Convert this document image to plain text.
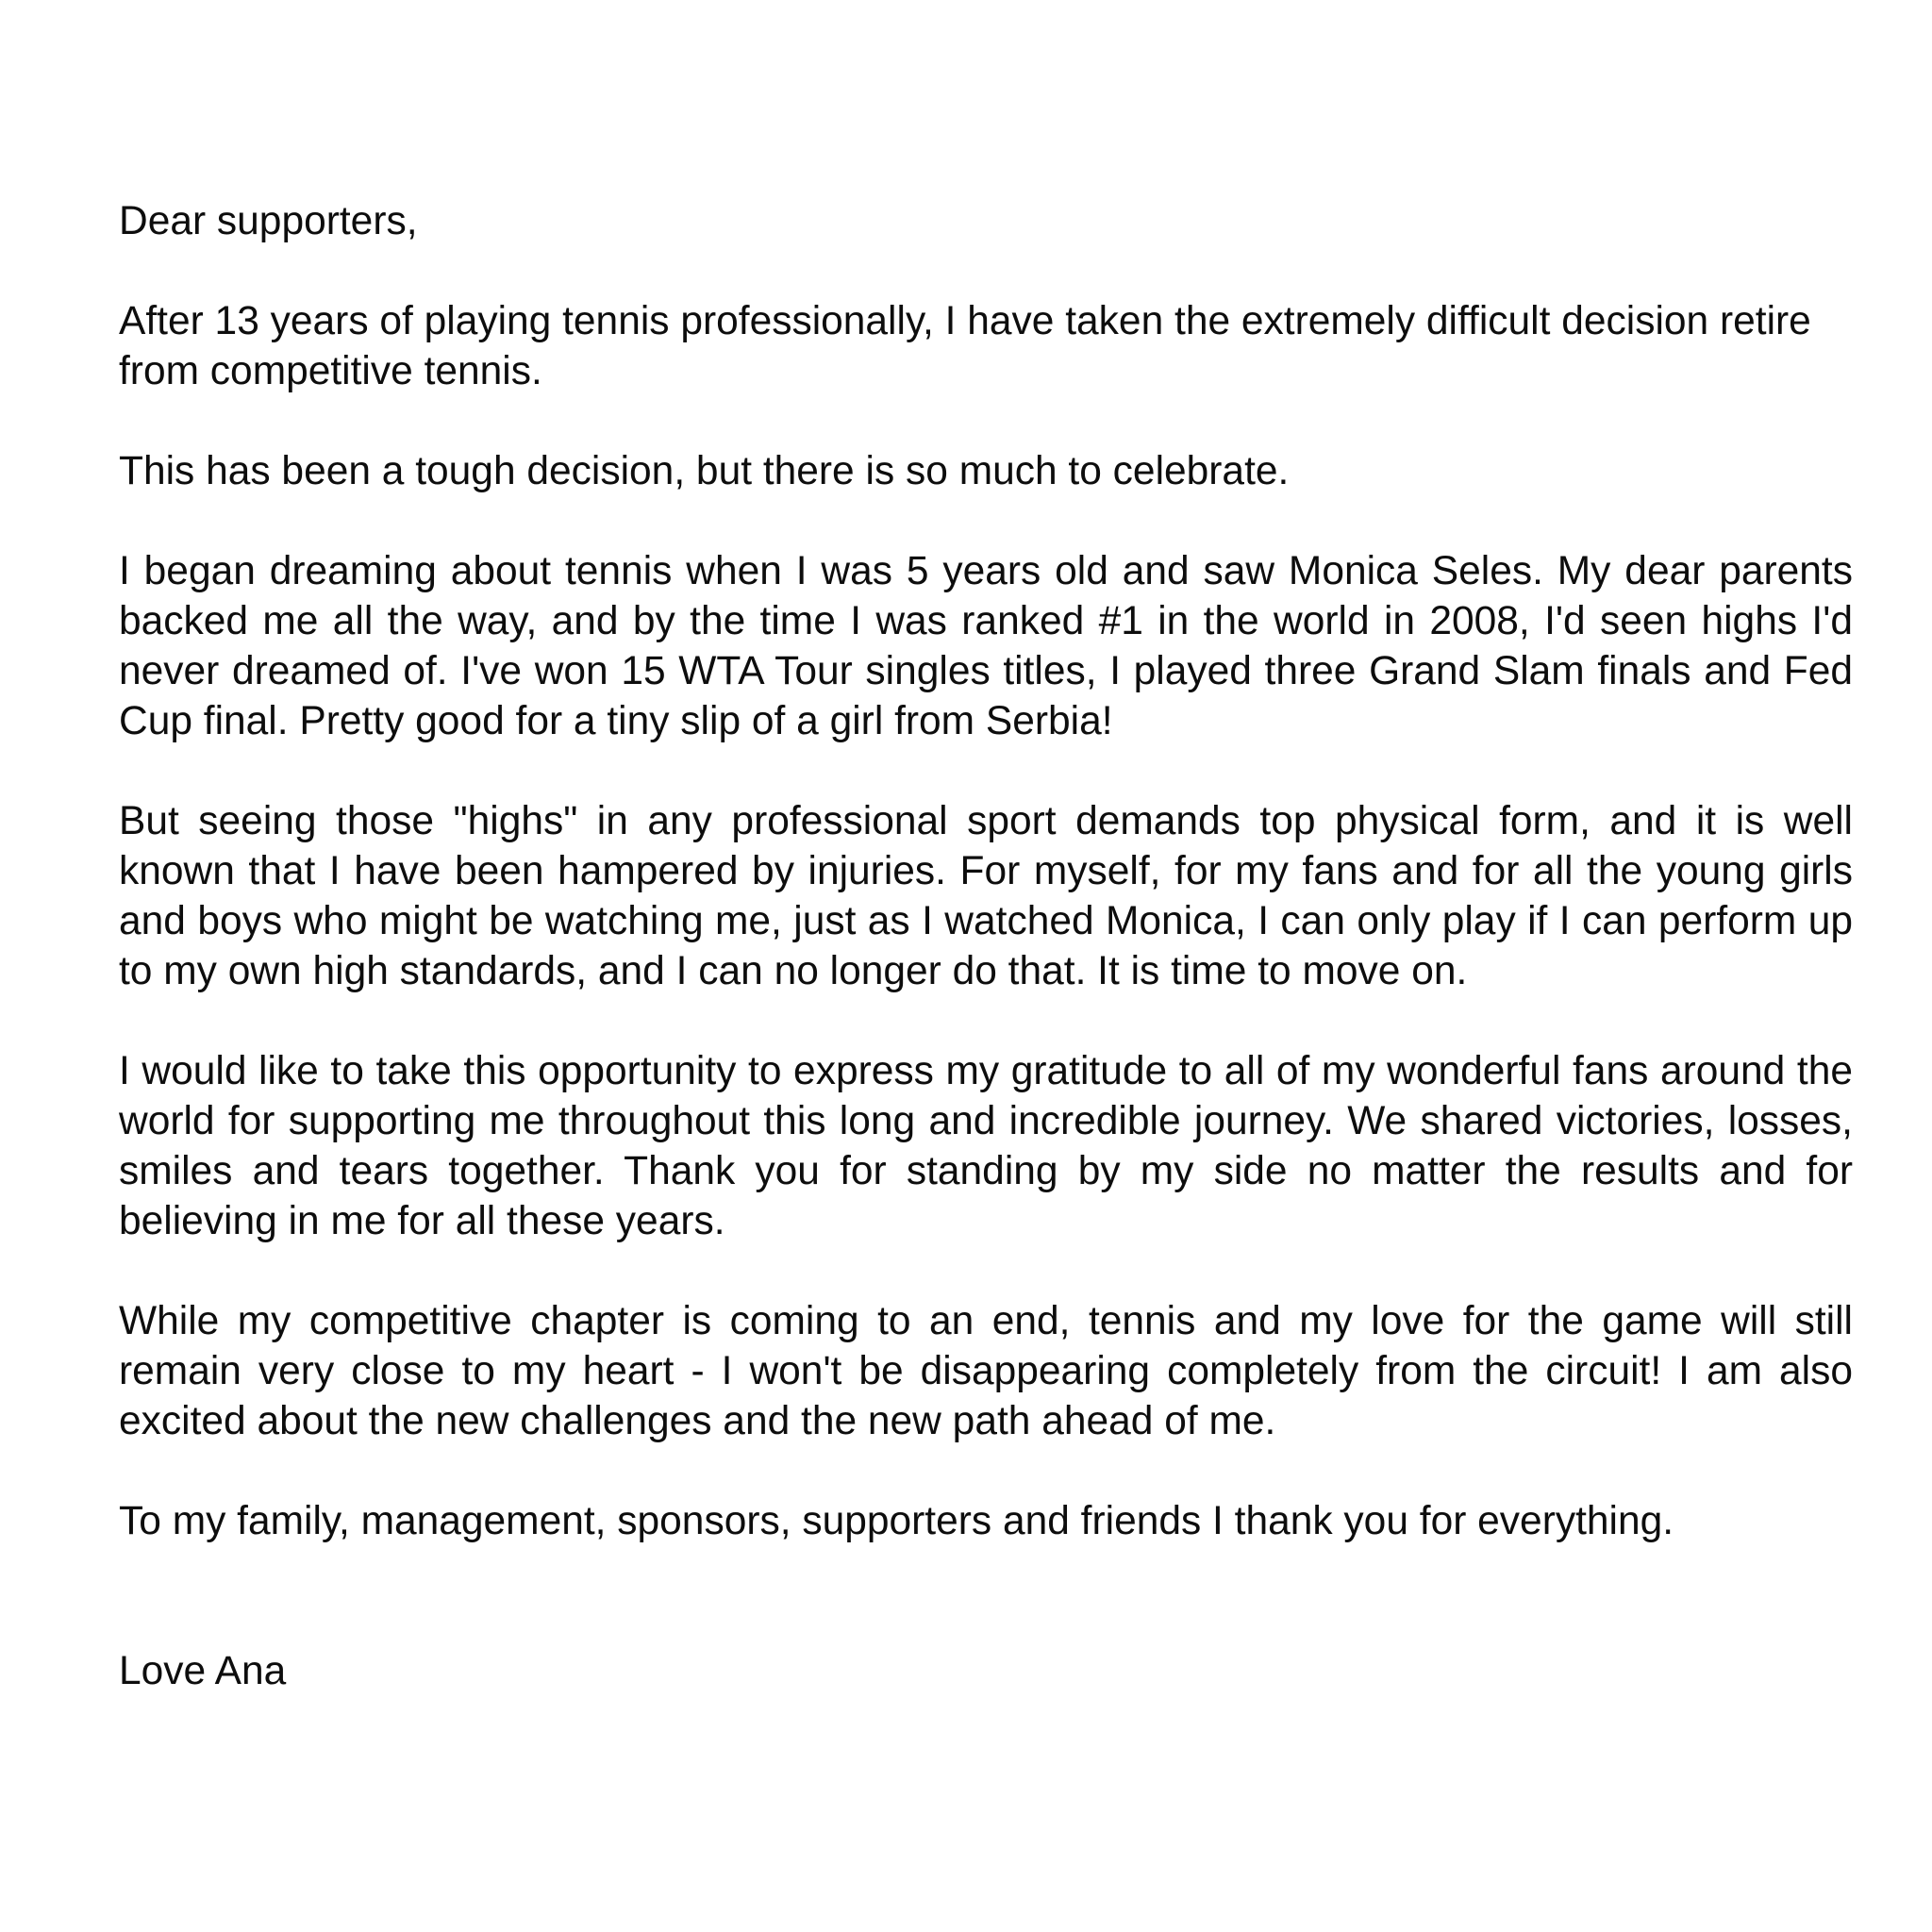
Dear supporters,

After 13 years of playing tennis professionally, I have taken the extremely difficult decision retire from competitive tennis.

This has been a tough decision, but there is so much to celebrate.

I began dreaming about tennis when I was 5 years old and saw Monica Seles. My dear parents backed me all the way, and by the time I was ranked #1 in the world in 2008, I'd seen highs I'd never dreamed of. I've won 15 WTA Tour singles titles, I played three Grand Slam finals and Fed Cup final. Pretty good for a tiny slip of a girl from Serbia!

But seeing those "highs" in any professional sport demands top physical form, and it is well known that I have been hampered by injuries. For myself, for my fans and for all the young girls and boys who might be watching me, just as I watched Monica, I can only play if I can perform up to my own high standards, and I can no longer do that. It is time to move on.

I would like to take this opportunity to express my gratitude to all of my wonderful fans around the world for supporting me throughout this long and incredible journey. We shared victories, losses, smiles and tears together. Thank you for standing by my side no matter the results and for believing in me for all these years.

While my competitive chapter is coming to an end, tennis and my love for the game will still remain very close to my heart - I won't be disappearing completely from the circuit! I am also excited about the new challenges and the new path ahead of me.

To my family, management, sponsors, supporters and friends I thank you for everything.

Love Ana
